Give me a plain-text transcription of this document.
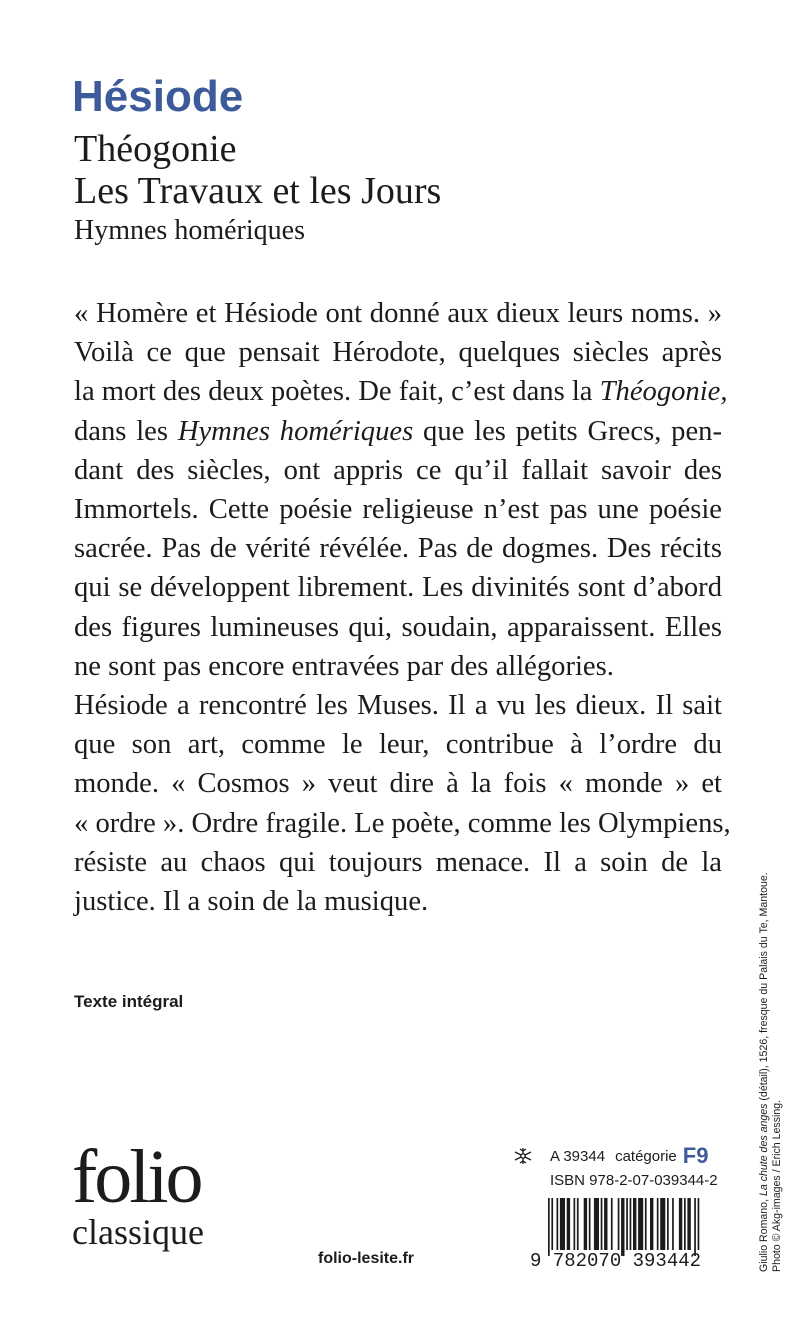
Hésiode
Théogonie
Les Travaux et les Jours
Hymnes homériques
« Homère et Hésiode ont donné aux dieux leurs noms. »
Voilà ce que pensait Hérodote, quelques siècles après
la mort des deux poètes. De fait, c’est dans la Théogonie,
dans les Hymnes homériques que les petits Grecs, pen-
dant des siècles, ont appris ce qu’il fallait savoir des
Immortels. Cette poésie religieuse n’est pas une poésie
sacrée. Pas de vérité révélée. Pas de dogmes. Des récits
qui se développent librement. Les divinités sont d’abord
des figures lumineuses qui, soudain, apparaissent. Elles
ne sont pas encore entravées par des allégories.
Hésiode a rencontré les Muses. Il a vu les dieux. Il sait
que son art, comme le leur, contribue à l’ordre du
monde. « Cosmos » veut dire à la fois « monde » et
« ordre ». Ordre fragile. Le poète, comme les Olympiens,
résiste au chaos qui toujours menace. Il a soin de la
justice. Il a soin de la musique.
Texte intégral
folio
classique
folio-lesite.fr
A 39344 catégorie F9
ISBN 978-2-07-039344-2
9 782070 393442	Giulio Romano, La chute des anges (détail), 1526, fresque du Palais du Te, Mantoue.
Photo © Akg-images / Erich Lessing.
